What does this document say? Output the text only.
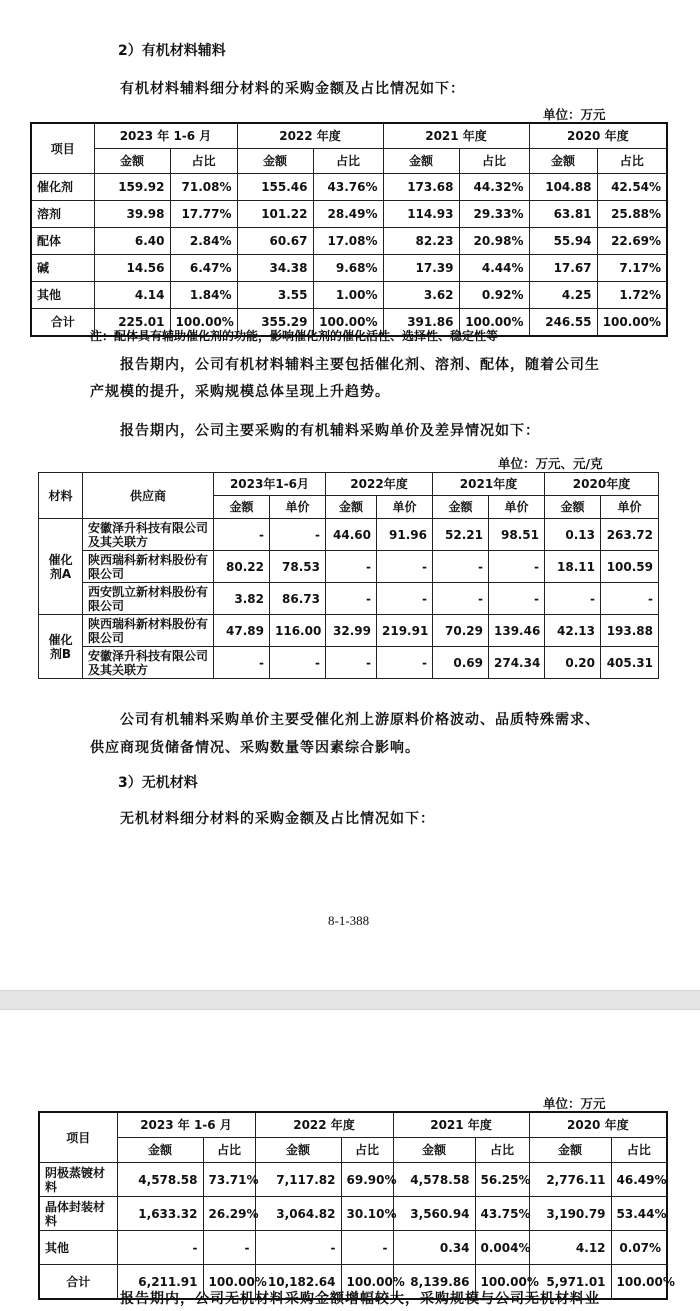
2）有机材料辅料
有机材料辅料细分材料的采购金额及占比情况如下：
单位：万元
项目	2023 年 1-6 月		2022 年度		2021 年度		2020 年度	
	金额	占比	金额	占比	金额	占比	金额	占比
催化剂	159.92	71.08%	155.46	43.76%	173.68	44.32%	104.88	42.54%
溶剂	39.98	17.77%	101.22	28.49%	114.93	29.33%	63.81	25.88%
配体	6.40	2.84%	60.67	17.08%	82.23	20.98%	55.94	22.69%
碱	14.56	6.47%	34.38	9.68%	17.39	4.44%	17.67	7.17%
其他	4.14	1.84%	3.55	1.00%	3.62	0.92%	4.25	1.72%
合计	225.01	100.00%	355.29	100.00%	391.86	100.00%	246.55	100.00%
注：配体具有辅助催化剂的功能，影响催化剂的催化活性、选择性、稳定性等
报告期内，公司有机材料辅料主要包括催化剂、溶剂、配体，随着公司生
产规模的提升，采购规模总体呈现上升趋势。
报告期内，公司主要采购的有机辅料采购单价及差异情况如下：
单位：万元、元/克
材料	供应商	2023年1-6月		2022年度		2021年度		2020年度	
		金额	单价	金额	单价	金额	单价	金额	单价
催化剂A	安徽泽升科技有限公司及其关联方	-	-	44.60	91.96	52.21	98.51	0.13	263.72
	陕西瑞科新材料股份有限公司	80.22	78.53	-	-	-	-	18.11	100.59
	西安凯立新材料股份有限公司	3.82	86.73	-	-	-	-	-	-
催化剂B	陕西瑞科新材料股份有限公司	47.89	116.00	32.99	219.91	70.29	139.46	42.13	193.88
	安徽泽升科技有限公司及其关联方	-	-	-	-	0.69	274.34	0.20	405.31
公司有机辅料采购单价主要受催化剂上游原料价格波动、品质特殊需求、
供应商现货储备情况、采购数量等因素综合影响。
3）无机材料
无机材料细分材料的采购金额及占比情况如下：
8-1-388
单位：万元
项目	2023 年 1-6 月		2022 年度		2021 年度		2020 年度	
	金额	占比	金额	占比	金额	占比	金额	占比
阴极蒸镀材料	4,578.58	73.71%	7,117.82	69.90%	4,578.58	56.25%	2,776.11	46.49%
晶体封装材料	1,633.32	26.29%	3,064.82	30.10%	3,560.94	43.75%	3,190.79	53.44%
其他	-	-	-	-	0.34	0.004%	4.12	0.07%
合计	6,211.91	100.00%	10,182.64	100.00%	8,139.86	100.00%	5,971.01	100.00%
报告期内，公司无机材料采购金额增幅较大，采购规模与公司无机材料业
